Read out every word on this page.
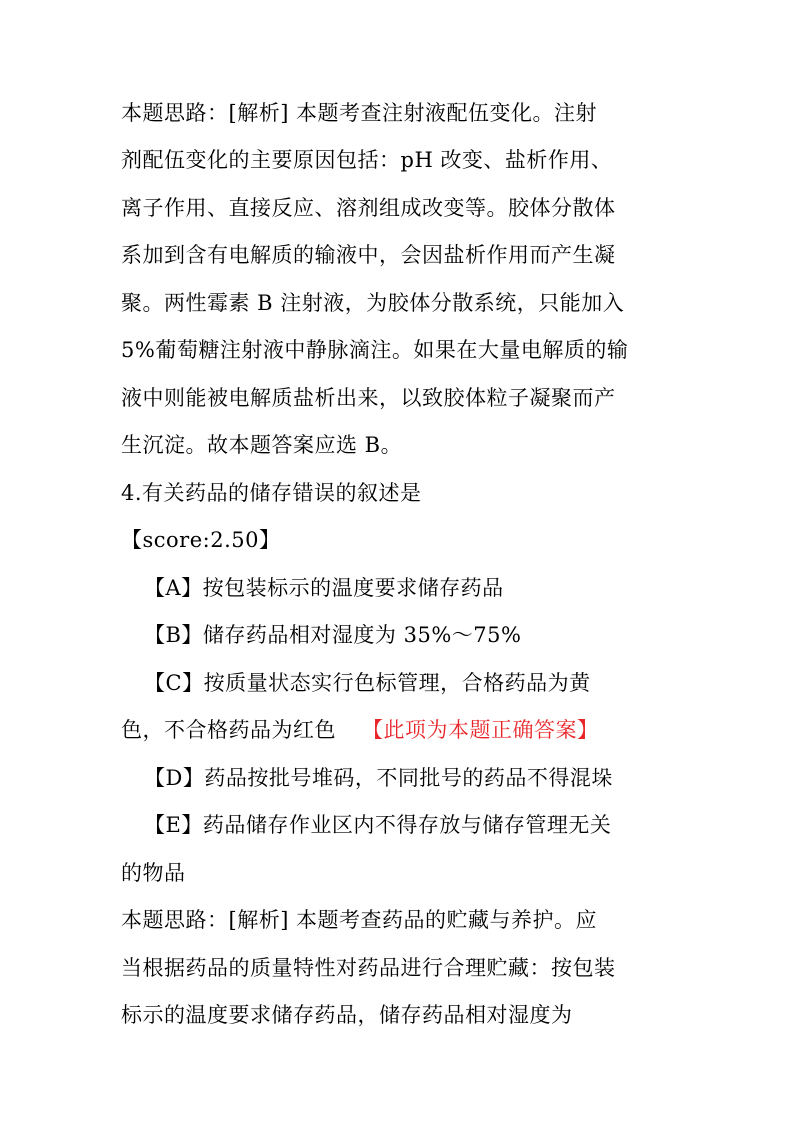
本题思路：[解析] 本题考查注射液配伍变化。注射
剂配伍变化的主要原因包括：pH 改变、盐析作用、
离子作用、直接反应、溶剂组成改变等。胶体分散体
系加到含有电解质的输液中，会因盐析作用而产生凝
聚。两性霉素 B 注射液，为胶体分散系统，只能加入
5%葡萄糖注射液中静脉滴注。如果在大量电解质的输
液中则能被电解质盐析出来，以致胶体粒子凝聚而产
生沉淀。故本题答案应选 B。
4.有关药品的储存错误的叙述是
【score:2.50】
【A】按包装标示的温度要求储存药品
【B】储存药品相对湿度为 35%～75%
【C】按质量状态实行色标管理，合格药品为黄
色，不合格药品为红色 【此项为本题正确答案】
【D】药品按批号堆码，不同批号的药品不得混垛
【E】药品储存作业区内不得存放与储存管理无关
的物品
本题思路：[解析] 本题考查药品的贮藏与养护。应
当根据药品的质量特性对药品进行合理贮藏：按包装
标示的温度要求储存药品，储存药品相对湿度为
